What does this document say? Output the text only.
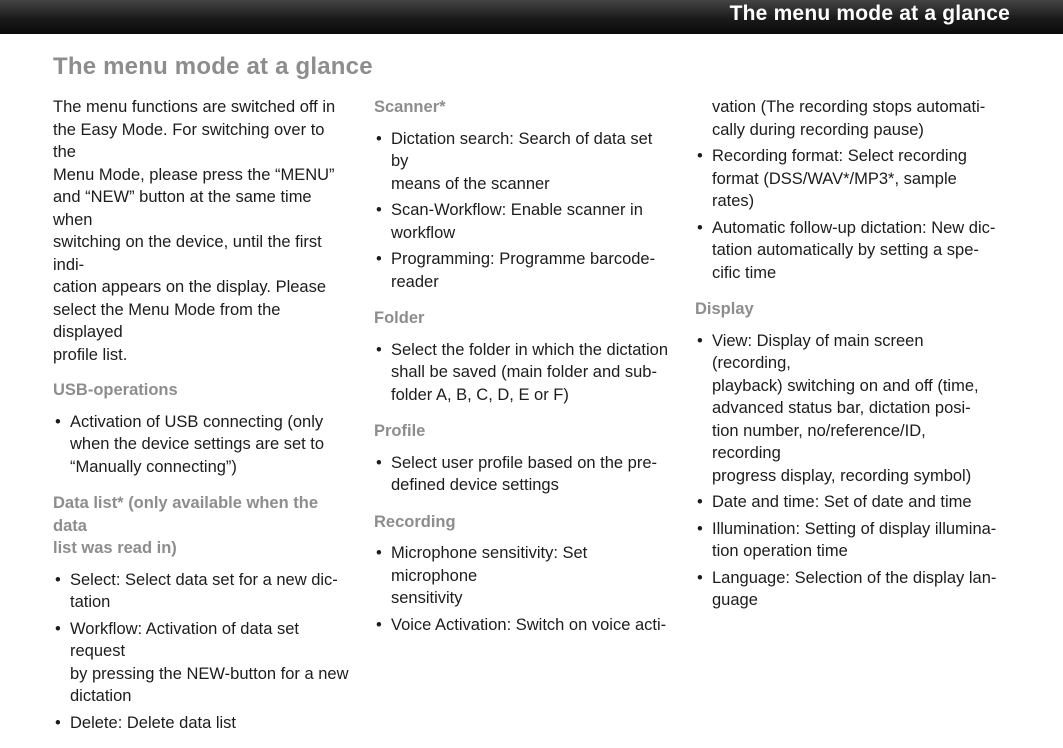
The menu mode at a glance
The menu mode at a glance

The menu functions are switched off in
the Easy Mode. For switching over to the
Menu Mode, please press the “MENU”
and “NEW” button at the same time when
switching on the device, until the first indi-
cation appears on the display. Please
select the Menu Mode from the displayed
profile list.

USB-operations
• Activation of USB connecting (only
when the device settings are set to
“Manually connecting”)
Data list* (only available when the data
list was read in)
• Select: Select data set for a new dic-
tation
• Workflow: Activation of data set request
by pressing the NEW-button for a new
dictation
• Delete: Delete data list
Scanner*
• Dictation search: Search of data set by
means of the scanner
• Scan-Workflow: Enable scanner in
workflow
• Programming: Programme barcode-
reader
Folder
• Select the folder in which the dictation
shall be saved (main folder and sub-
folder A, B, C, D, E or F)
Profile
• Select user profile based on the pre-
defined device settings
Recording
• Microphone sensitivity: Set microphone
sensitivity
• Voice Activation: Switch on voice acti-

vation (The recording stops automati-
cally during recording pause)

• Recording format: Select recording
format (DSS/WAV*/MP3*, sample rates)
• Automatic follow-up dictation: New dic-
tation automatically by setting a spe-
cific time
Display
• View: Display of main screen (recording,
playback) switching on and off (time,
advanced status bar, dictation posi-
tion number, no/reference/ID, recording
progress display, recording symbol)
• Date and time: Set of date and time
• Illumination: Setting of display illumina-
tion operation time
• Language: Selection of the display lan-
guage
